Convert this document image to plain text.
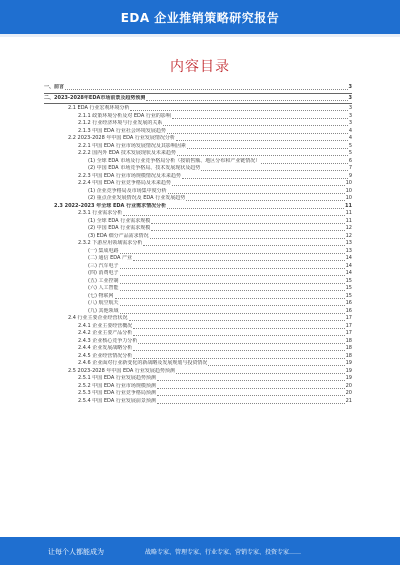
EDA 企业推销策略研究报告
内容目录
一、前言	3
二、2023-2028年EDA市场前景及趋势预测	3
2.1 EDA 行业宏观环境分析	3
2.1.1 政策环境分析及对 EDA 行业的影响	3
2.1.2 行业经济环境与行业发展的关系	3
2.1.3 中国 EDA 行业社会环境发展趋势	4
2.2 2023-2028 年中国 EDA 行业发展情况分析	4
2.2.1 中国 EDA 行业市场发展情况及其影响因素	5
2.2.2 国内外 EDA 技术发展现状及未来趋势	5
(1) 全球 EDA 市场及行业竞争格局分析（按销售额、地区分布和产业链情况）	6
(2) 中国 EDA 市场竞争格局、技术发展现状及趋势	7
2.2.3 中国 EDA 行业市场规模情况及未来趋势	9
2.2.4 中国 EDA 行业竞争格局及未来趋势	10
(1) 企业竞争格局及市场集中度分析	10
(2) 重点企业发展情况及 EDA 行业发展趋势	10
2.3 2022-2023 年全球 EDA 行业需求情况分析	11
2.3.1 行业需求分析	11
(1) 全球 EDA 行业需求规模	11
(2) 中国 EDA 行业需求规模	12
(3) EDA 细分产品需求情况	12
2.3.2 下游应用领域需求分析	13
(一) 集成电路	13
(二) 通信 EDA 产业	14
(三) 汽车电子	14
(四) 消费电子	14
(五) 工业控制	15
(六) 人工智能	15
(七) 物联网	15
(八) 航空航天	16
(九) 其他领域	16
2.4 行业主要企业经营状况	17
2.4.1 企业主要经营概况	17
2.4.2 企业主要产品分析	17
2.4.3 企业核心竞争力分析	18
2.4.4 企业发展战略分析	18
2.4.5 企业经营情况分析	18
2.4.6 企业面对行业新变化的新战略及发展规划与投资情况	19
2.5 2023-2028 年中国 EDA 行业发展趋势预测	19
2.5.1 中国 EDA 行业发展趋势预测	19
2.5.2 中国 EDA 行业市场规模预测	20
2.5.3 中国 EDA 行业竞争格局预测	20
2.5.4 中国 EDA 行业发展前景预测	21
让每个人都能成为	战略专家、管理专家、行业专家、营销专家、投资专家……
